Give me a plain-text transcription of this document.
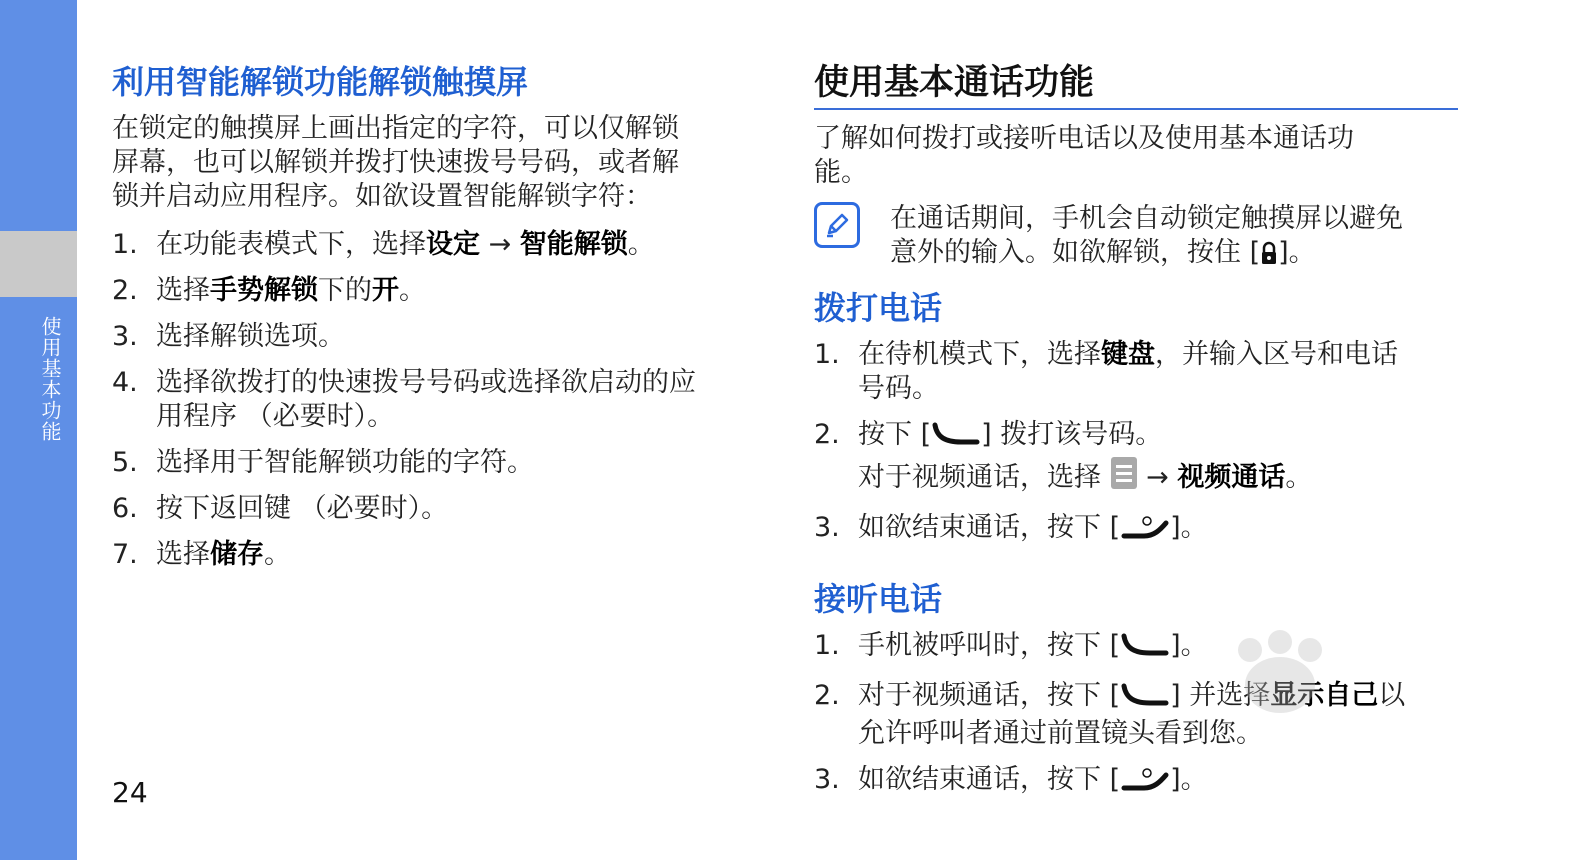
使用基本功能
利用智能解锁功能解锁触摸屏

在锁定的触摸屏上画出指定的字符，可以仅解锁

屏幕，也可以解锁并拨打快速拨号号码，或者解

锁并启动应用程序。如欲设置智能解锁字符：

1. 在功能表模式下，选择设定 → 智能解锁。
2. 选择手势解锁下的开。
3. 选择解锁选项。
4. 选择欲拨打的快速拨号号码或选择欲启动的应
用程序 （必要时）。
5. 选择用于智能解锁功能的字符。
6. 按下返回键 （必要时）。
7. 选择储存。
24
使用基本通话功能

了解如何拨打或接听电话以及使用基本通话功

能。

在通话期间，手机会自动锁定触摸屏以避免

意外的输入。如欲解锁，按住 [ ]。

拨打电话
1. 在待机模式下，选择键盘，并输入区号和电话
号码。
2. 按下 [ ] 拨打该号码。
对于视频通话，选择  → 视频通话。
3. 如欲结束通话，按下 [ ]。
接听电话
1. 手机被呼叫时，按下 [ ]。
2. 对于视频通话，按下 [ ] 并选择显示自己以
允许呼叫者通过前置镜头看到您。
3. 如欲结束通话，按下 [ ]。
